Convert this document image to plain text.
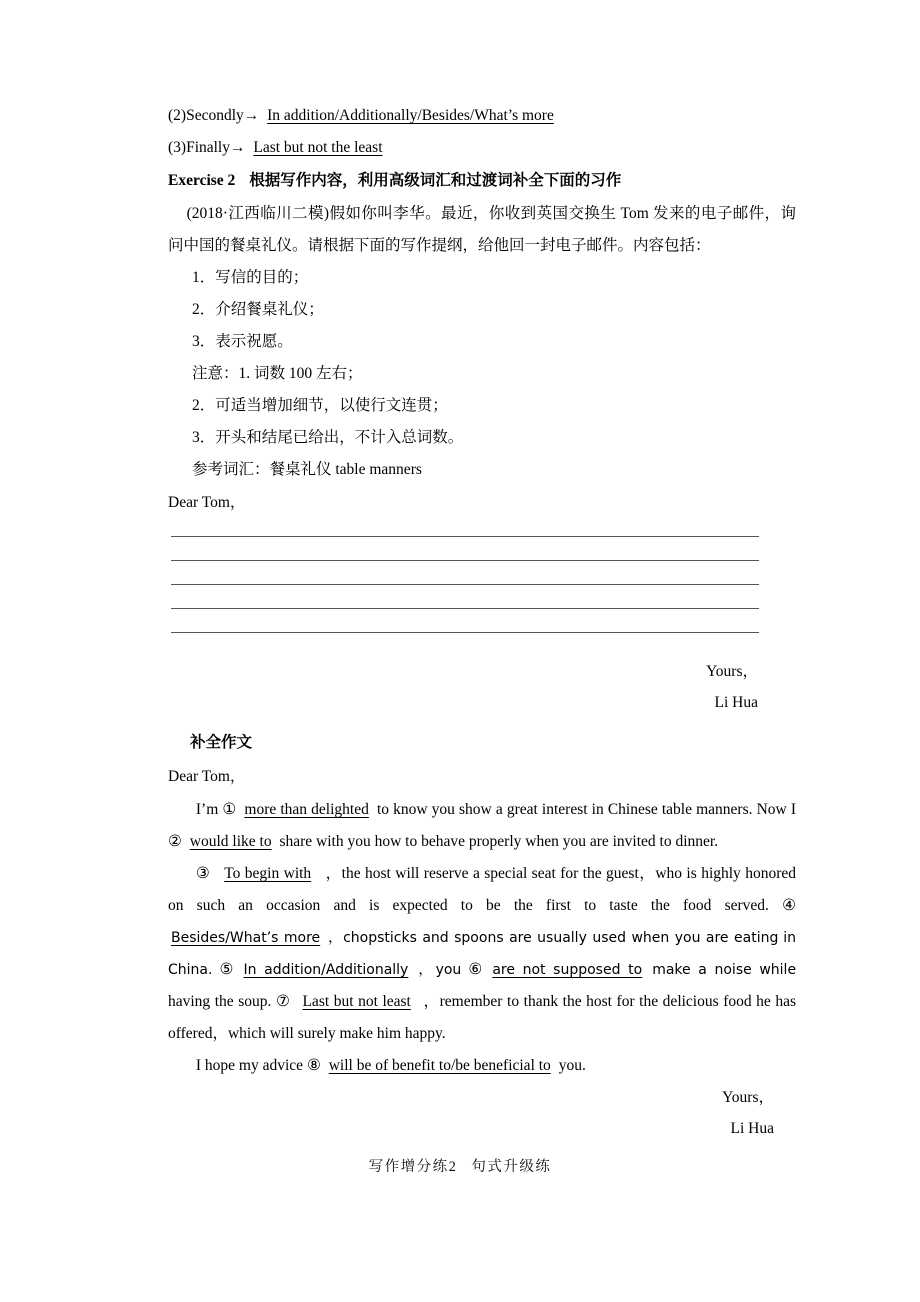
(2)Secondly→ In addition/Additionally/Besides/What’s more
(3)Finally→ Last but not the least
Exercise 2 根据写作内容，利用高级词汇和过渡词补全下面的习作
(2018·江西临川二模)假如你叫李华。最近，你收到英国交换生 Tom 发来的电子邮件，询问中国的餐桌礼仪。请根据下面的写作提纲，给他回一封电子邮件。内容包括：
1．写信的目的；
2．介绍餐桌礼仪；
3．表示祝愿。
注意：1. 词数 100 左右；
2．可适当增加细节，以使行文连贯；
3．开头和结尾已给出，不计入总词数。
参考词汇：餐桌礼仪 table manners
Dear Tom，
Yours，
Li Hua
补全作文
Dear Tom，
I’m ① more than delighted to know you show a great interest in Chinese table manners. Now I ② would like to share with you how to behave properly when you are invited to dinner.
③ To begin with ，the host will reserve a special seat for the guest，who is highly honored on such an occasion and is expected to be the first to taste the food served. ④ Besides/What’s more ，chopsticks and spoons are usually used when you are eating in China. ⑤ In addition/Additionally ，you ⑥ are not supposed to make a noise while having the soup. ⑦ Last but not least ，remember to thank the host for the delicious food he has offered，which will surely make him happy.
I hope my advice ⑧ will be of benefit to/be beneficial to you.
Yours，
Li Hua
写作增分练2 句式升级练
